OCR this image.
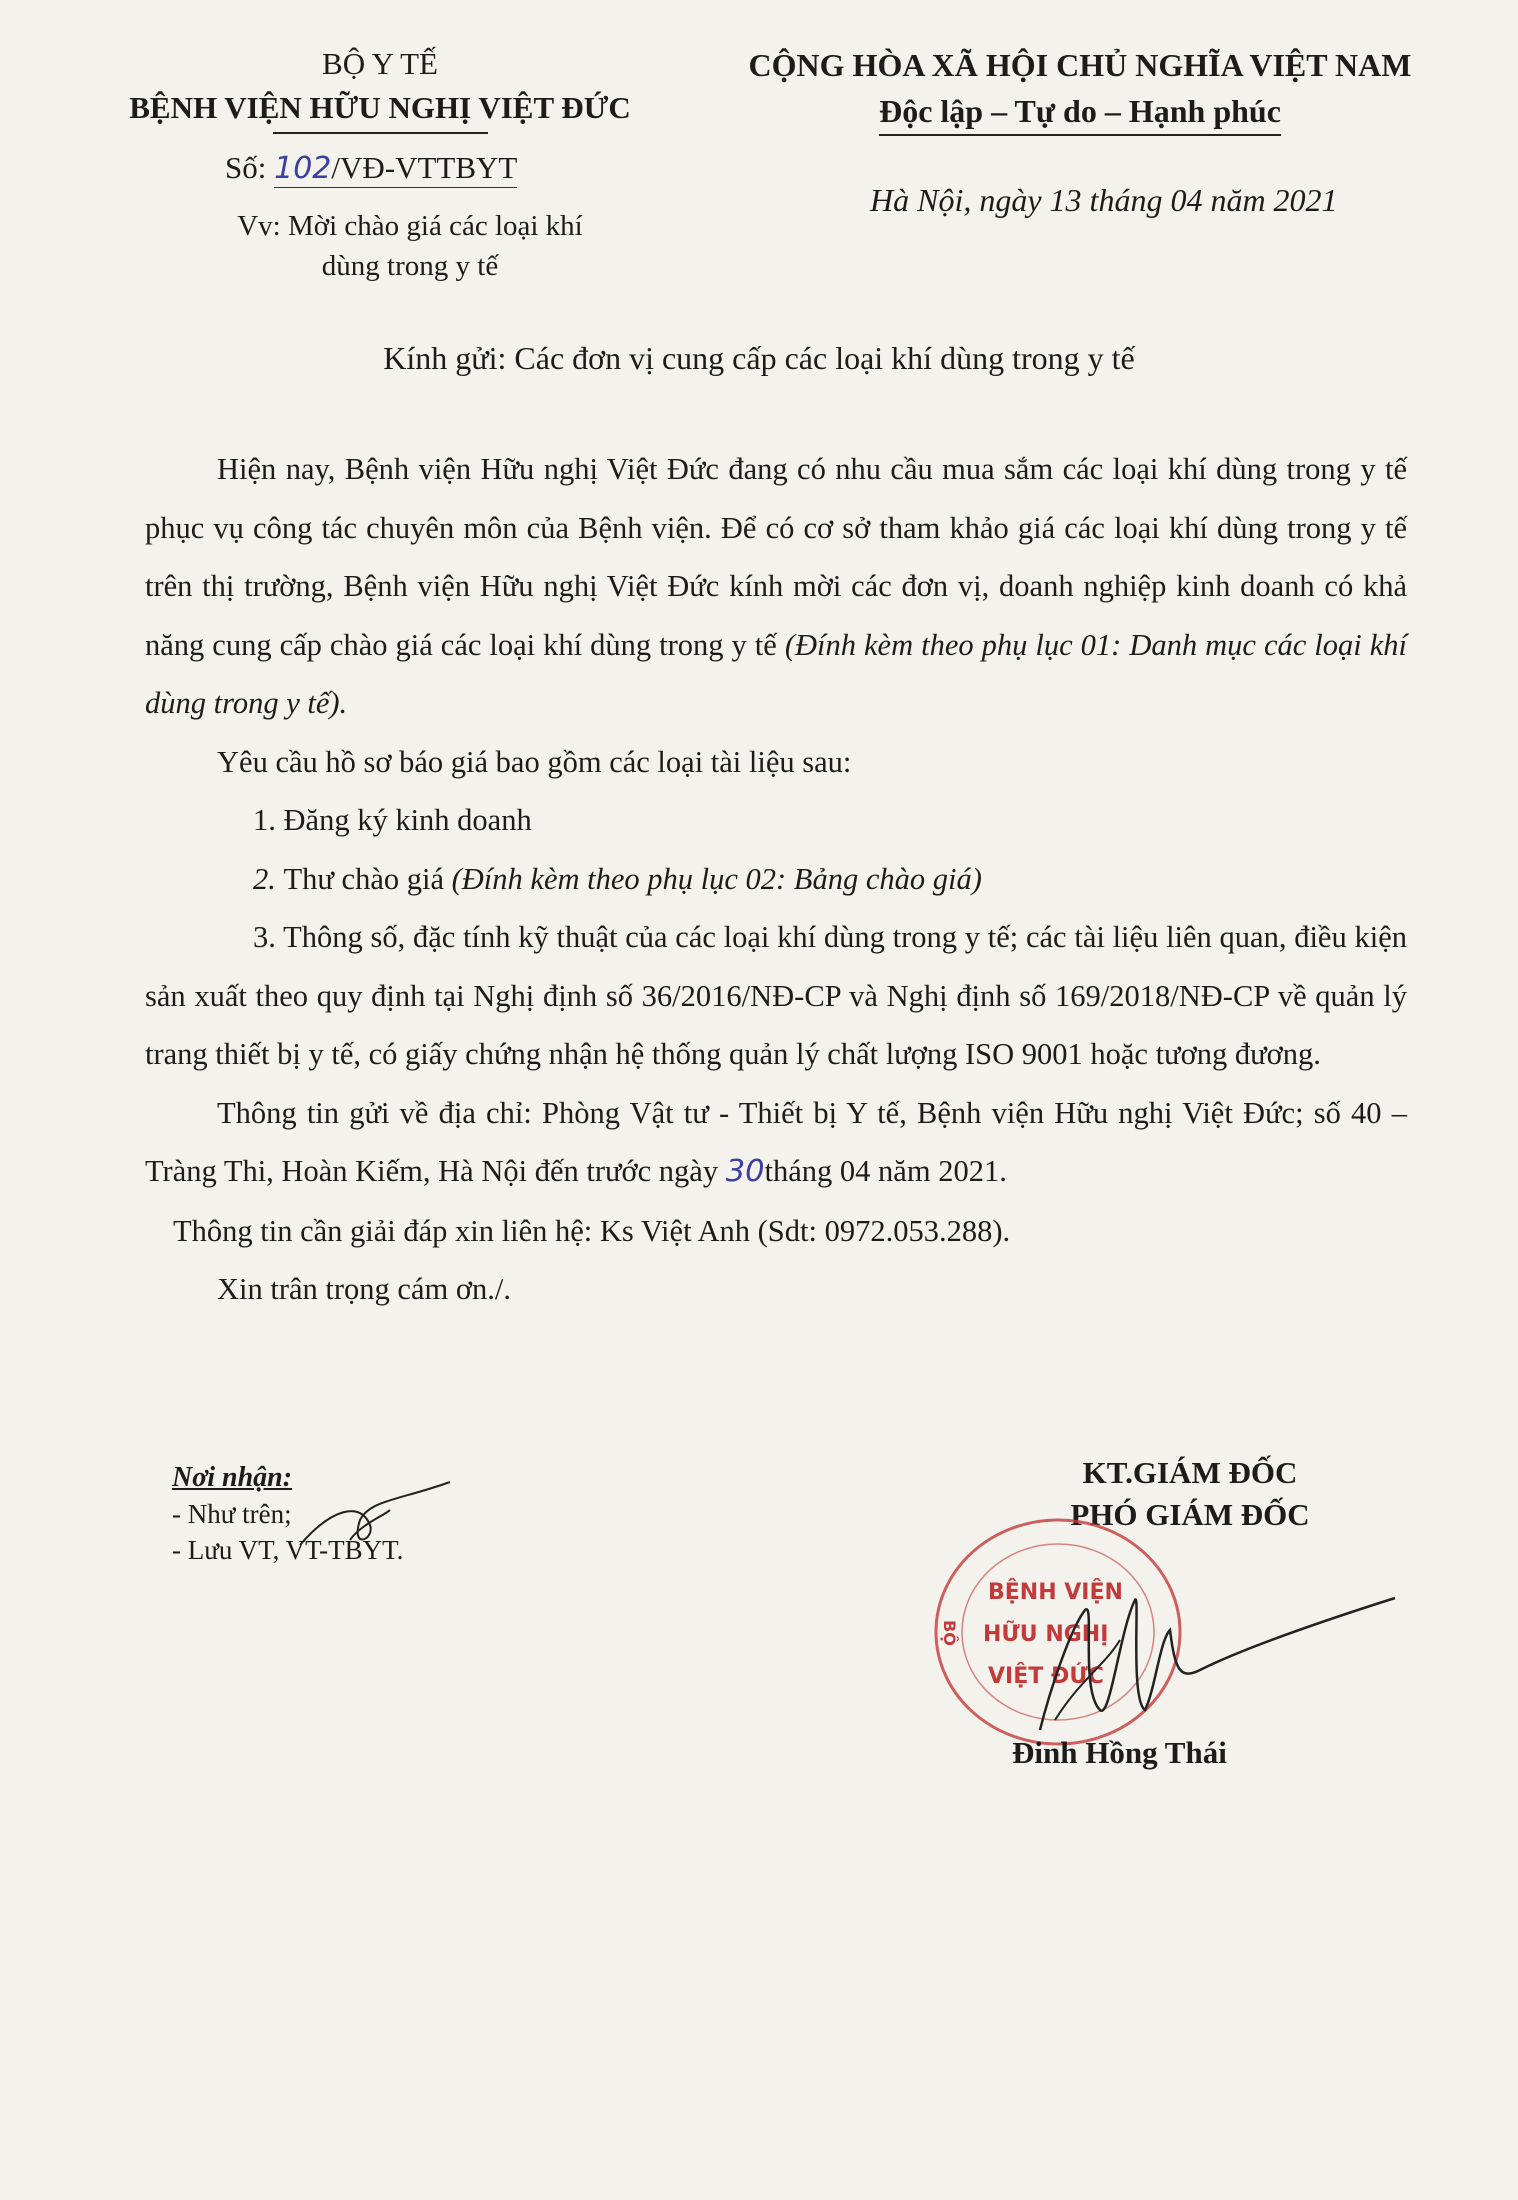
BỘ Y TẾ
BỆNH VIỆN HỮU NGHỊ VIỆT ĐỨC
Số: 102/VĐ-VTTBYT
Vv: Mời chào giá các loại khí
dùng trong y tế
CỘNG HÒA XÃ HỘI CHỦ NGHĨA VIỆT NAM
Độc lập – Tự do – Hạnh phúc
Hà Nội, ngày 13 tháng 04 năm 2021
Kính gửi: Các đơn vị cung cấp các loại khí dùng trong y tế

Hiện nay, Bệnh viện Hữu nghị Việt Đức đang có nhu cầu mua sắm các loại khí dùng trong y tế phục vụ công tác chuyên môn của Bệnh viện. Để có cơ sở tham khảo giá các loại khí dùng trong y tế trên thị trường, Bệnh viện Hữu nghị Việt Đức kính mời các đơn vị, doanh nghiệp kinh doanh có khả năng cung cấp chào giá các loại khí dùng trong y tế (Đính kèm theo phụ lục 01: Danh mục các loại khí dùng trong y tế).

Yêu cầu hồ sơ báo giá bao gồm các loại tài liệu sau:

1. Đăng ký kinh doanh

2. Thư chào giá (Đính kèm theo phụ lục 02: Bảng chào giá)

3. Thông số, đặc tính kỹ thuật của các loại khí dùng trong y tế; các tài liệu liên quan, điều kiện sản xuất theo quy định tại Nghị định số 36/2016/NĐ-CP và Nghị định số 169/2018/NĐ-CP về quản lý trang thiết bị y tế, có giấy chứng nhận hệ thống quản lý chất lượng ISO 9001 hoặc tương đương.

Thông tin gửi về địa chỉ: Phòng Vật tư - Thiết bị Y tế, Bệnh viện Hữu nghị Việt Đức; số 40 – Tràng Thi, Hoàn Kiếm, Hà Nội đến trước ngày 30tháng 04 năm 2021.

Thông tin cần giải đáp xin liên hệ: Ks Việt Anh (Sdt: 0972.053.288).

Xin trân trọng cám ơn./.

Nơi nhận:
- Như trên;
- Lưu VT, VT-TBYT.
KT.GIÁM ĐỐC
PHÓ GIÁM ĐỐC
BỆNH VIỆN
HỮU NGHỊ
VIỆT ĐỨC
BỘ
Đinh Hồng Thái
